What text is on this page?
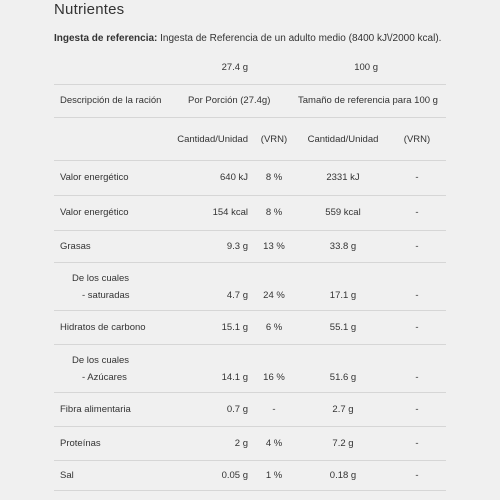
Nutrientes
Ingesta de referencia: Ingesta de Referencia de un adulto medio (8400 kJ\/2000 kcal).
	27.4 g		100 g	
Descripción de la ración	Por Porción (27.4g)		Tamaño de referencia para 100 g	

	Cantidad/Unidad	(VRN)	Cantidad/Unidad	(VRN)

Valor energético	640 kJ	8 %	2331 kJ	-
Valor energético	154 kcal	8 %	559 kcal	-
Grasas	9.3 g	13 %	33.8 g	-
De los cuales				
- saturadas	4.7 g	24 %	17.1 g	-
Hidratos de carbono	15.1 g	6 %	55.1 g	-
De los cuales				
- Azúcares	14.1 g	16 %	51.6 g	-
Fibra alimentaria	0.7 g	-	2.7 g	-
Proteínas	2 g	4 %	7.2 g	-
Sal	0.05 g	1 %	0.18 g	-
